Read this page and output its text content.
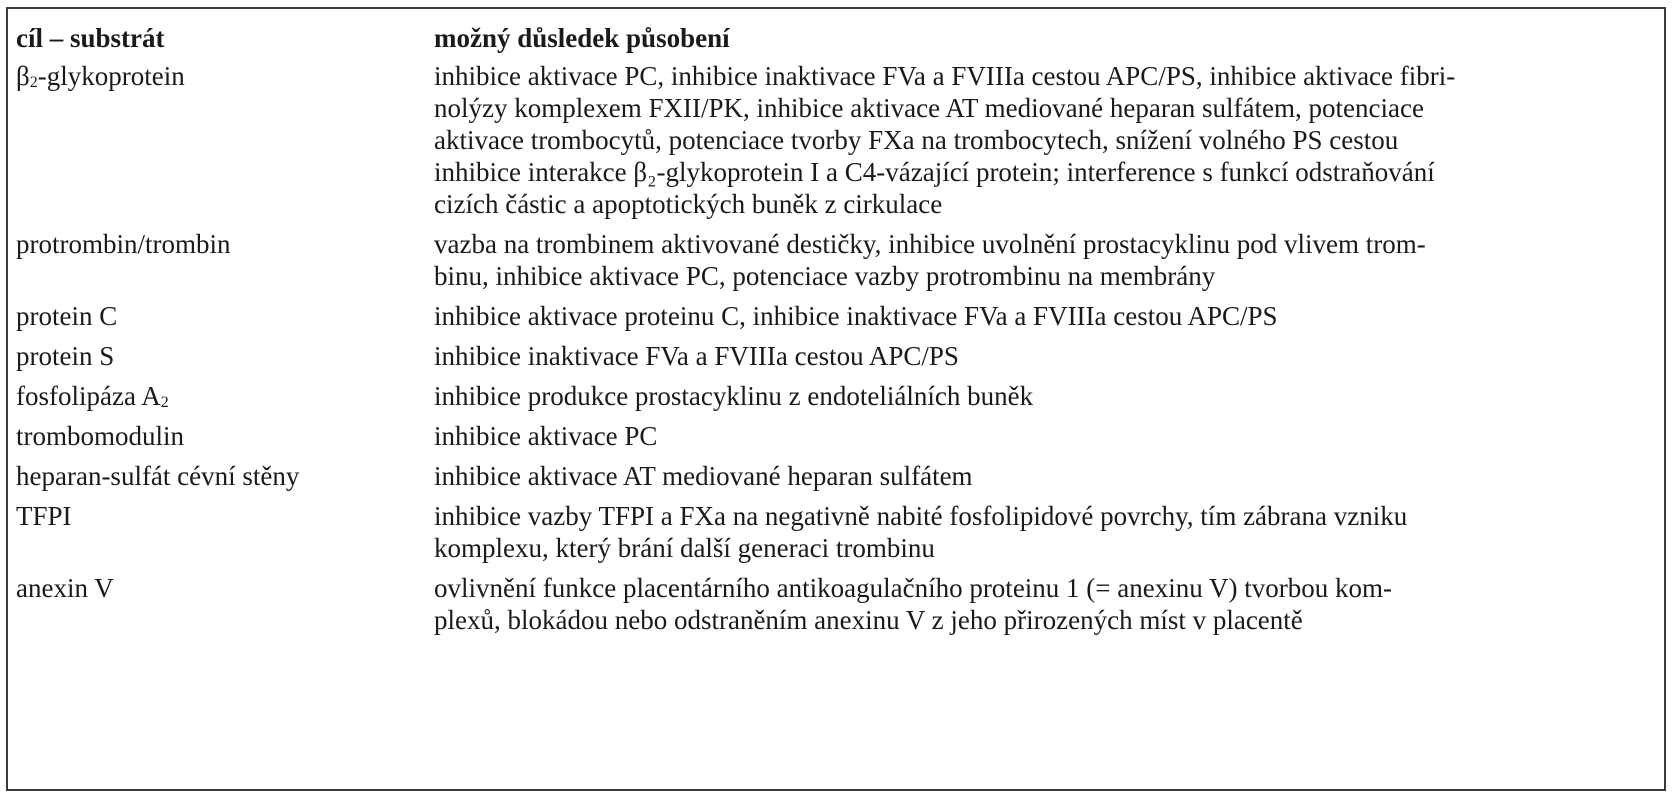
cíl – substrát	možný důsledek působení
$\beta_2$-glykoprotein	inhibice aktivace PC, inhibice inaktivace FVa a FVIIIa cestou APC/PS, inhibice aktivace fibri-
nolýzy komplexem FXII/PK, inhibice aktivace AT mediované heparan sulfátem, potenciace
aktivace trombocytů, potenciace tvorby FXa na trombocytech, snížení volného PS cestou
inhibice interakce β₂-glykoprotein I a C4-vázající protein; interference s funkcí odstraňování
cizích částic a apoptotických buněk z cirkulace

protrombin/trombin	vazba na trombinem aktivované destičky, inhibice uvolnění prostacyklinu pod vlivem trom-
binu, inhibice aktivace PC, potenciace vazby protrombinu na membrány

protein C	inhibice aktivace proteinu C, inhibice inaktivace FVa a FVIIIa cestou APC/PS

protein S	inhibice inaktivace FVa a FVIIIa cestou APC/PS

fosfolipáza $A_2$	inhibice produkce prostacyklinu z endoteliálních buněk

trombomodulin	inhibice aktivace PC

heparan-sulfát cévní stěny	inhibice aktivace AT mediované heparan sulfátem

TFPI	inhibice vazby TFPI a FXa na negativně nabité fosfolipidové povrchy, tím zábrana vzniku
komplexu, který brání další generaci trombinu

anexin V	ovlivnění funkce placentárního antikoagulačního proteinu 1 (= anexinu V) tvorbou kom-
plexů, blokádou nebo odstraněním anexinu V z jeho přirozených míst v placentě
